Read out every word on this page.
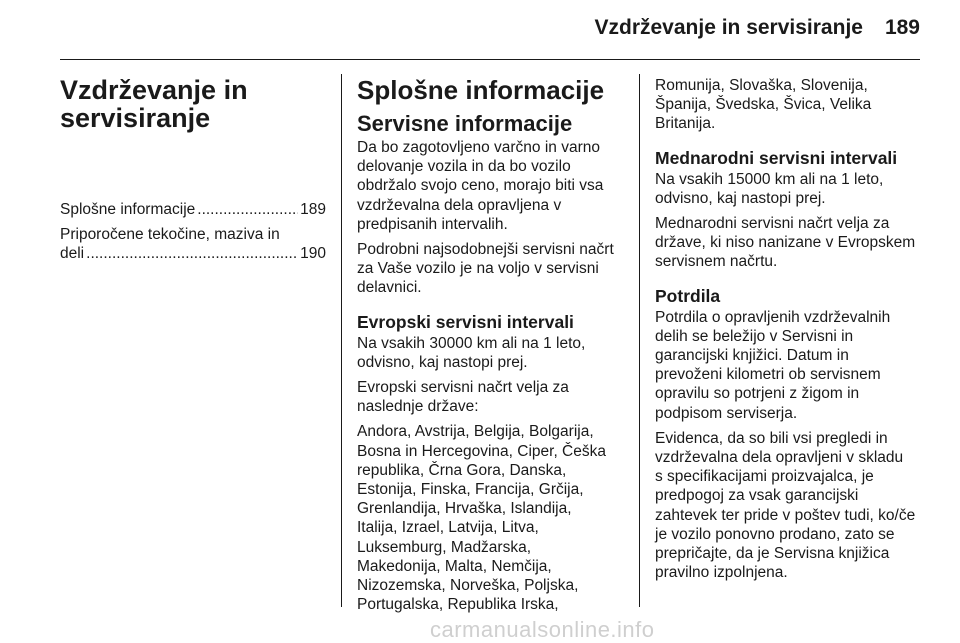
Vzdrževanje in servisiranje 189
Vzdrževanje in
servisiranje
Splošne informacije .....	189
Priporočene tekočine, maziva in
deli .....	190
Splošne informacije
Servisne informacije

Da bo zagotovljeno varčno in varno
delovanje vozila in da bo vozilo
obdržalo svojo ceno, morajo biti vsa
vzdrževalna dela opravljena v
predpisanih intervalih.

Podrobni najsodobnejši servisni načrt
za Vaše vozilo je na voljo v servisni
delavnici.

Evropski servisni intervali

Na vsakih 30000 km ali na 1 leto,
odvisno, kaj nastopi prej.

Evropski servisni načrt velja za
naslednje države:

Andora, Avstrija, Belgija, Bolgarija,
Bosna in Hercegovina, Ciper, Češka
republika, Črna Gora, Danska,
Estonija, Finska, Francija, Grčija,
Grenlandija, Hrvaška, Islandija,
Italija, Izrael, Latvija, Litva,
Luksemburg, Madžarska,
Makedonija, Malta, Nemčija,
Nizozemska, Norveška, Poljska,
Portugalska, Republika Irska,

Romunija, Slovaška, Slovenija,
Španija, Švedska, Švica, Velika
Britanija.

Mednarodni servisni intervali

Na vsakih 15000 km ali na 1 leto,
odvisno, kaj nastopi prej.

Mednarodni servisni načrt velja za
države, ki niso nanizane v Evropskem
servisnem načrtu.

Potrdila

Potrdila o opravljenih vzdrževalnih
delih se beležijo v Servisni in
garancijski knjižici. Datum in
prevoženi kilometri ob servisnem
opravilu so potrjeni z žigom in
podpisom serviserja.

Evidenca, da so bili vsi pregledi in
vzdrževalna dela opravljeni v skladu
s specifikacijami proizvajalca, je
predpogoj za vsak garancijski
zahtevek ter pride v poštev tudi, ko/če
je vozilo ponovno prodano, zato se
prepričajte, da je Servisna knjižica
pravilno izpolnjena.

carmanualsonline.info
